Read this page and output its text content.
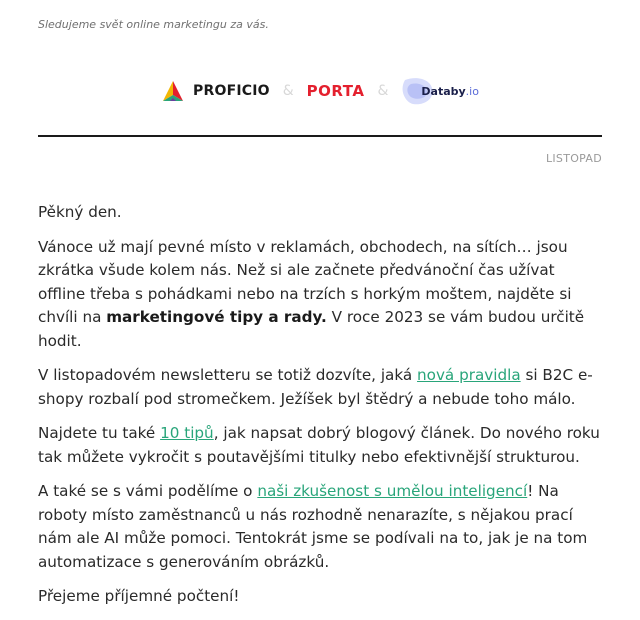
Sledujeme svět online marketingu za vás.
PROFICIO & PORTA &	Databy.io
LISTOPAD

Pěkný den.

Vánoce už mají pevné místo v reklamách, obchodech, na sítích… jsou zkrátka všude kolem nás. Než si ale začnete předvánoční čas užívat offline třeba s pohádkami nebo na trzích s horkým moštem, najděte si chvíli na marketingové tipy a rady. V roce 2023 se vám budou určitě hodit.

V listopadovém newsletteru se totiž dozvíte, jaká nová pravidla si B2C e-shopy rozbalí pod stromečkem. Ježíšek byl štědrý a nebude toho málo.

Najdete tu také 10 tipů, jak napsat dobrý blogový článek. Do nového roku tak můžete vykročit s poutavějšími titulky nebo efektivnější strukturou.

A také se s vámi podělíme o naši zkušenost s umělou inteligencí! Na roboty místo zaměstnanců u nás rozhodně nenarazíte, s nějakou prací nám ale AI může pomoci. Tentokrát jsme se podívali na to, jak je na tom automatizace s generováním obrázků.

Přejeme příjemné počtení!
